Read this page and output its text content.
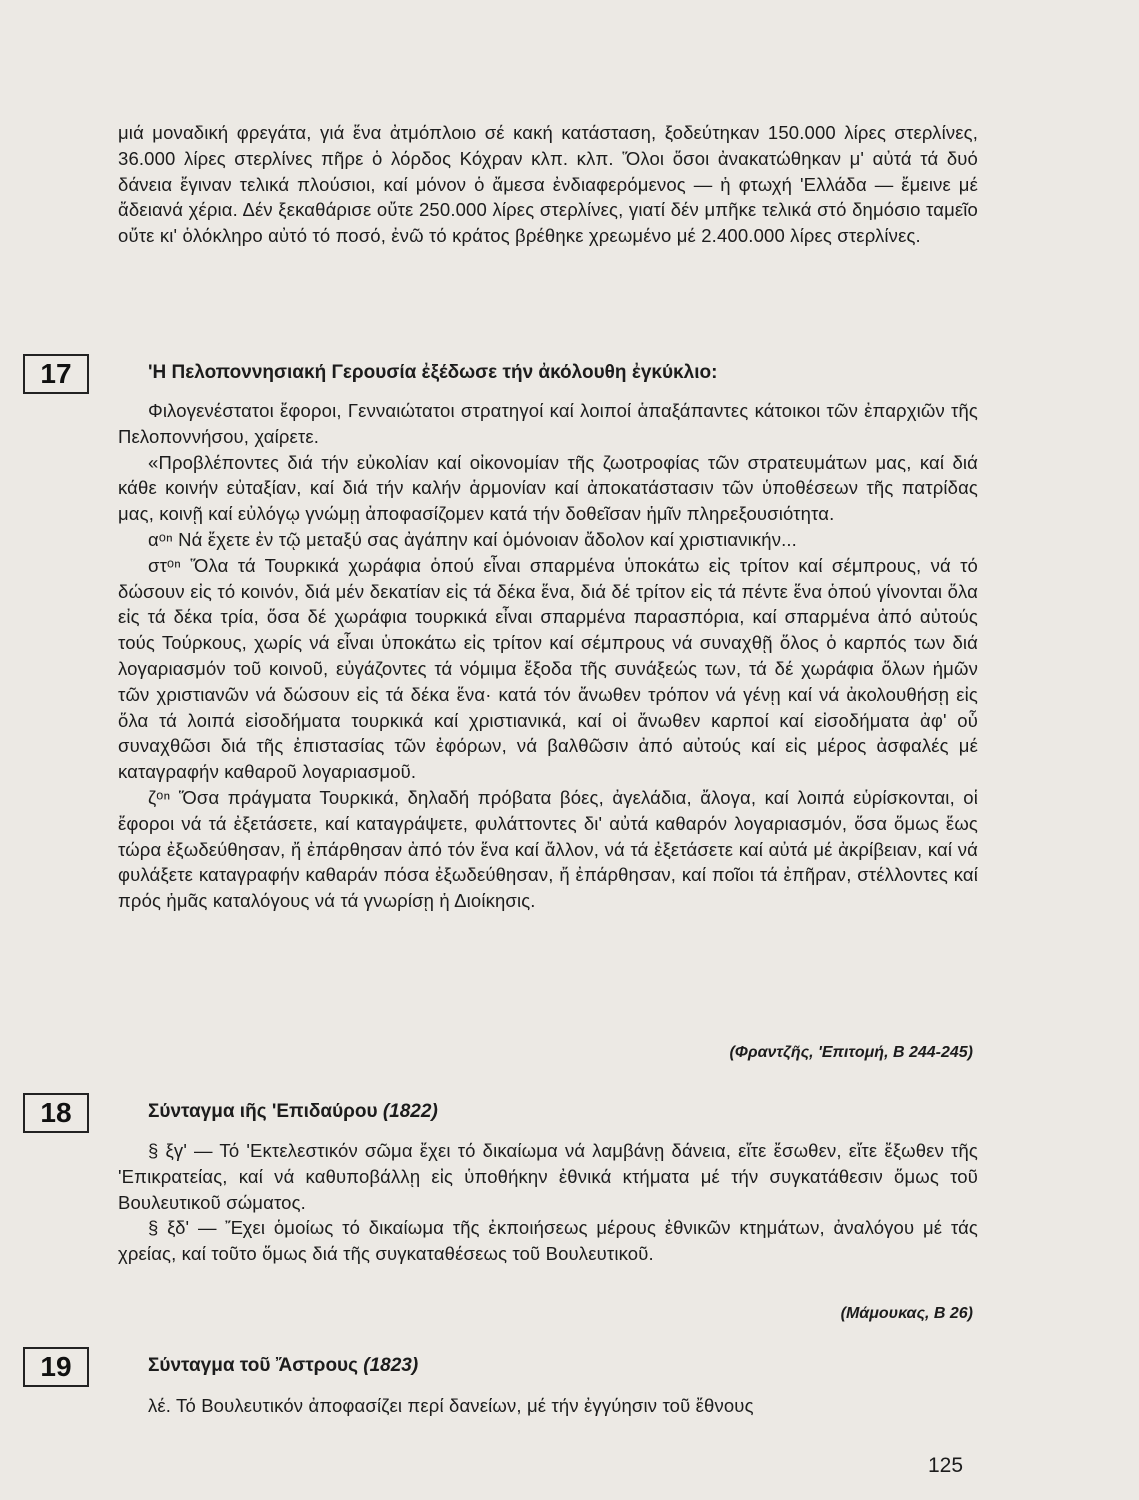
μιά μοναδική φρεγάτα, γιά ἕνα ἀτμόπλοιο σέ κακή κατάσταση, ξοδεύτηκαν 150.000 λίρες στερλίνες, 36.000 λίρες στερλίνες πῆρε ὁ λόρδος Κόχραν κλπ. κλπ. Ὅλοι ὅσοι ἀνακατώθηκαν μ' αὐτά τά δυό δάνεια ἔγιναν τελικά πλούσιοι, καί μόνον ὁ ἄμεσα ἐνδιαφερόμενος — ἡ φτωχή 'Ελλάδα — ἔμεινε μέ ἄδειανά χέρια. Δέν ξεκαθάρισε οὔτε 250.000 λίρες στερλίνες, γιατί δέν μπῆκε τελικά στό δημόσιο ταμεῖο οὔτε κι' ὁλόκληρο αὐτό τό ποσό, ἐνῶ τό κράτος βρέθηκε χρεωμένο μέ 2.400.000 λίρες στερλίνες.

17	'Η Πελοποννησιακή Γερουσία ἐξέδωσε τήν ἀκόλουθη ἐγκύκλιο:

Φιλογενέστατοι ἔφοροι, Γενναιώτατοι στρατηγοί καί λοιποί ἁπαξάπαντες κάτοικοι τῶν ἐπαρχιῶν τῆς Πελοποννήσου, χαίρετε.

«Προβλέποντες διά τήν εὐκολίαν καί οἰκονομίαν τῆς ζωοτροφίας τῶν στρατευμάτων μας, καί διά κάθε κοινήν εὐταξίαν, καί διά τήν καλήν ἁρμονίαν καί ἀποκατάστασιν τῶν ὑποθέσεων τῆς πατρίδας μας, κοινῇ καί εὐλόγῳ γνώμῃ ἀποφασίζομεν κατά τήν δοθεῖσαν ἡμῖν πληρεξουσιότητα.

αᵒⁿ Νά ἔχετε ἐν τῷ μεταξύ σας ἀγάπην καί ὁμόνοιαν ἄδολον καί χριστιανικήν...

στᵒⁿ Ὅλα τά Τουρκικά χωράφια ὁπού εἶναι σπαρμένα ὑποκάτω εἰς τρίτον καί σέμπρους, νά τό δώσουν εἰς τό κοινόν, διά μέν δεκατίαν εἰς τά δέκα ἕνα, διά δέ τρίτον εἰς τά πέντε ἕνα ὁπού γίνονται ὅλα εἰς τά δέκα τρία, ὅσα δέ χωράφια τουρκικά εἶναι σπαρμένα παρασπόρια, καί σπαρμένα ἀπό αὐτούς τούς Τούρκους, χωρίς νά εἶναι ὑποκάτω εἰς τρίτον καί σέμπρους νά συναχθῇ ὅλος ὁ καρπός των διά λογαριασμόν τοῦ κοινοῦ, εὐγάζοντες τά νόμιμα ἔξοδα τῆς συνάξεώς των, τά δέ χωράφια ὅλων ἡμῶν τῶν χριστιανῶν νά δώσουν εἰς τά δέκα ἕνα· κατά τόν ἄνωθεν τρόπον νά γένῃ καί νά ἀκολουθήσῃ εἰς ὅλα τά λοιπά εἰσοδήματα τουρκικά καί χριστιανικά, καί οἱ ἄνωθεν καρποί καί εἰσοδήματα ἀφ' οὗ συναχθῶσι διά τῆς ἐπιστασίας τῶν ἐφόρων, νά βαλθῶσιν ἀπό αὐτούς καί εἰς μέρος ἀσφαλές μέ καταγραφήν καθαροῦ λογαριασμοῦ.

ζᵒⁿ Ὅσα πράγματα Τουρκικά, δηλαδή πρόβατα βόες, ἀγελάδια, ἄλογα, καί λοιπά εὑρίσκονται, οἱ ἔφοροι νά τά ἐξετάσετε, καί καταγράψετε, φυλάττοντες δι' αὐτά καθαρόν λογαριασμόν, ὅσα ὅμως ἕως τώρα ἐξωδεύθησαν, ἤ ἐπάρθησαν ἀπό τόν ἕνα καί ἄλλον, νά τά ἐξετάσετε καί αὐτά μέ ἀκρίβειαν, καί νά φυλάξετε καταγραφήν καθαράν πόσα ἐξωδεύθησαν, ἤ ἐπάρθησαν, καί ποῖοι τά ἐπῆραν, στέλλοντες καί πρός ἡμᾶς καταλόγους νά τά γνωρίσῃ ἡ Διοίκησις.

(Φραντζῆς, 'Επιτομή, Β 244-245)
18	Σύνταγμα ιῆς 'Επιδαύρου (1822)

§ ξγ' — Τό 'Εκτελεστικόν σῶμα ἔχει τό δικαίωμα νά λαμβάνῃ δάνεια, εἴτε ἔσωθεν, εἴτε ἔξωθεν τῆς 'Επικρατείας, καί νά καθυποβάλλῃ εἰς ὑποθήκην ἐθνικά κτήματα μέ τήν συγκατάθεσιν ὅμως τοῦ Βουλευτικοῦ σώματος.

§ ξδ' — Ἔχει ὁμοίως τό δικαίωμα τῆς ἐκποιήσεως μέρους ἐθνικῶν κτημάτων, ἀναλόγου μέ τάς χρείας, καί τοῦτο ὅμως διά τῆς συγκαταθέσεως τοῦ Βουλευτικοῦ.

(Μάμουκας, Β 26)
19	Σύνταγμα τοῦ Ἄστρους (1823)

λέ. Τό Βουλευτικόν ἀποφασίζει περί δανείων, μέ τήν ἐγγύησιν τοῦ ἔθνους

125
